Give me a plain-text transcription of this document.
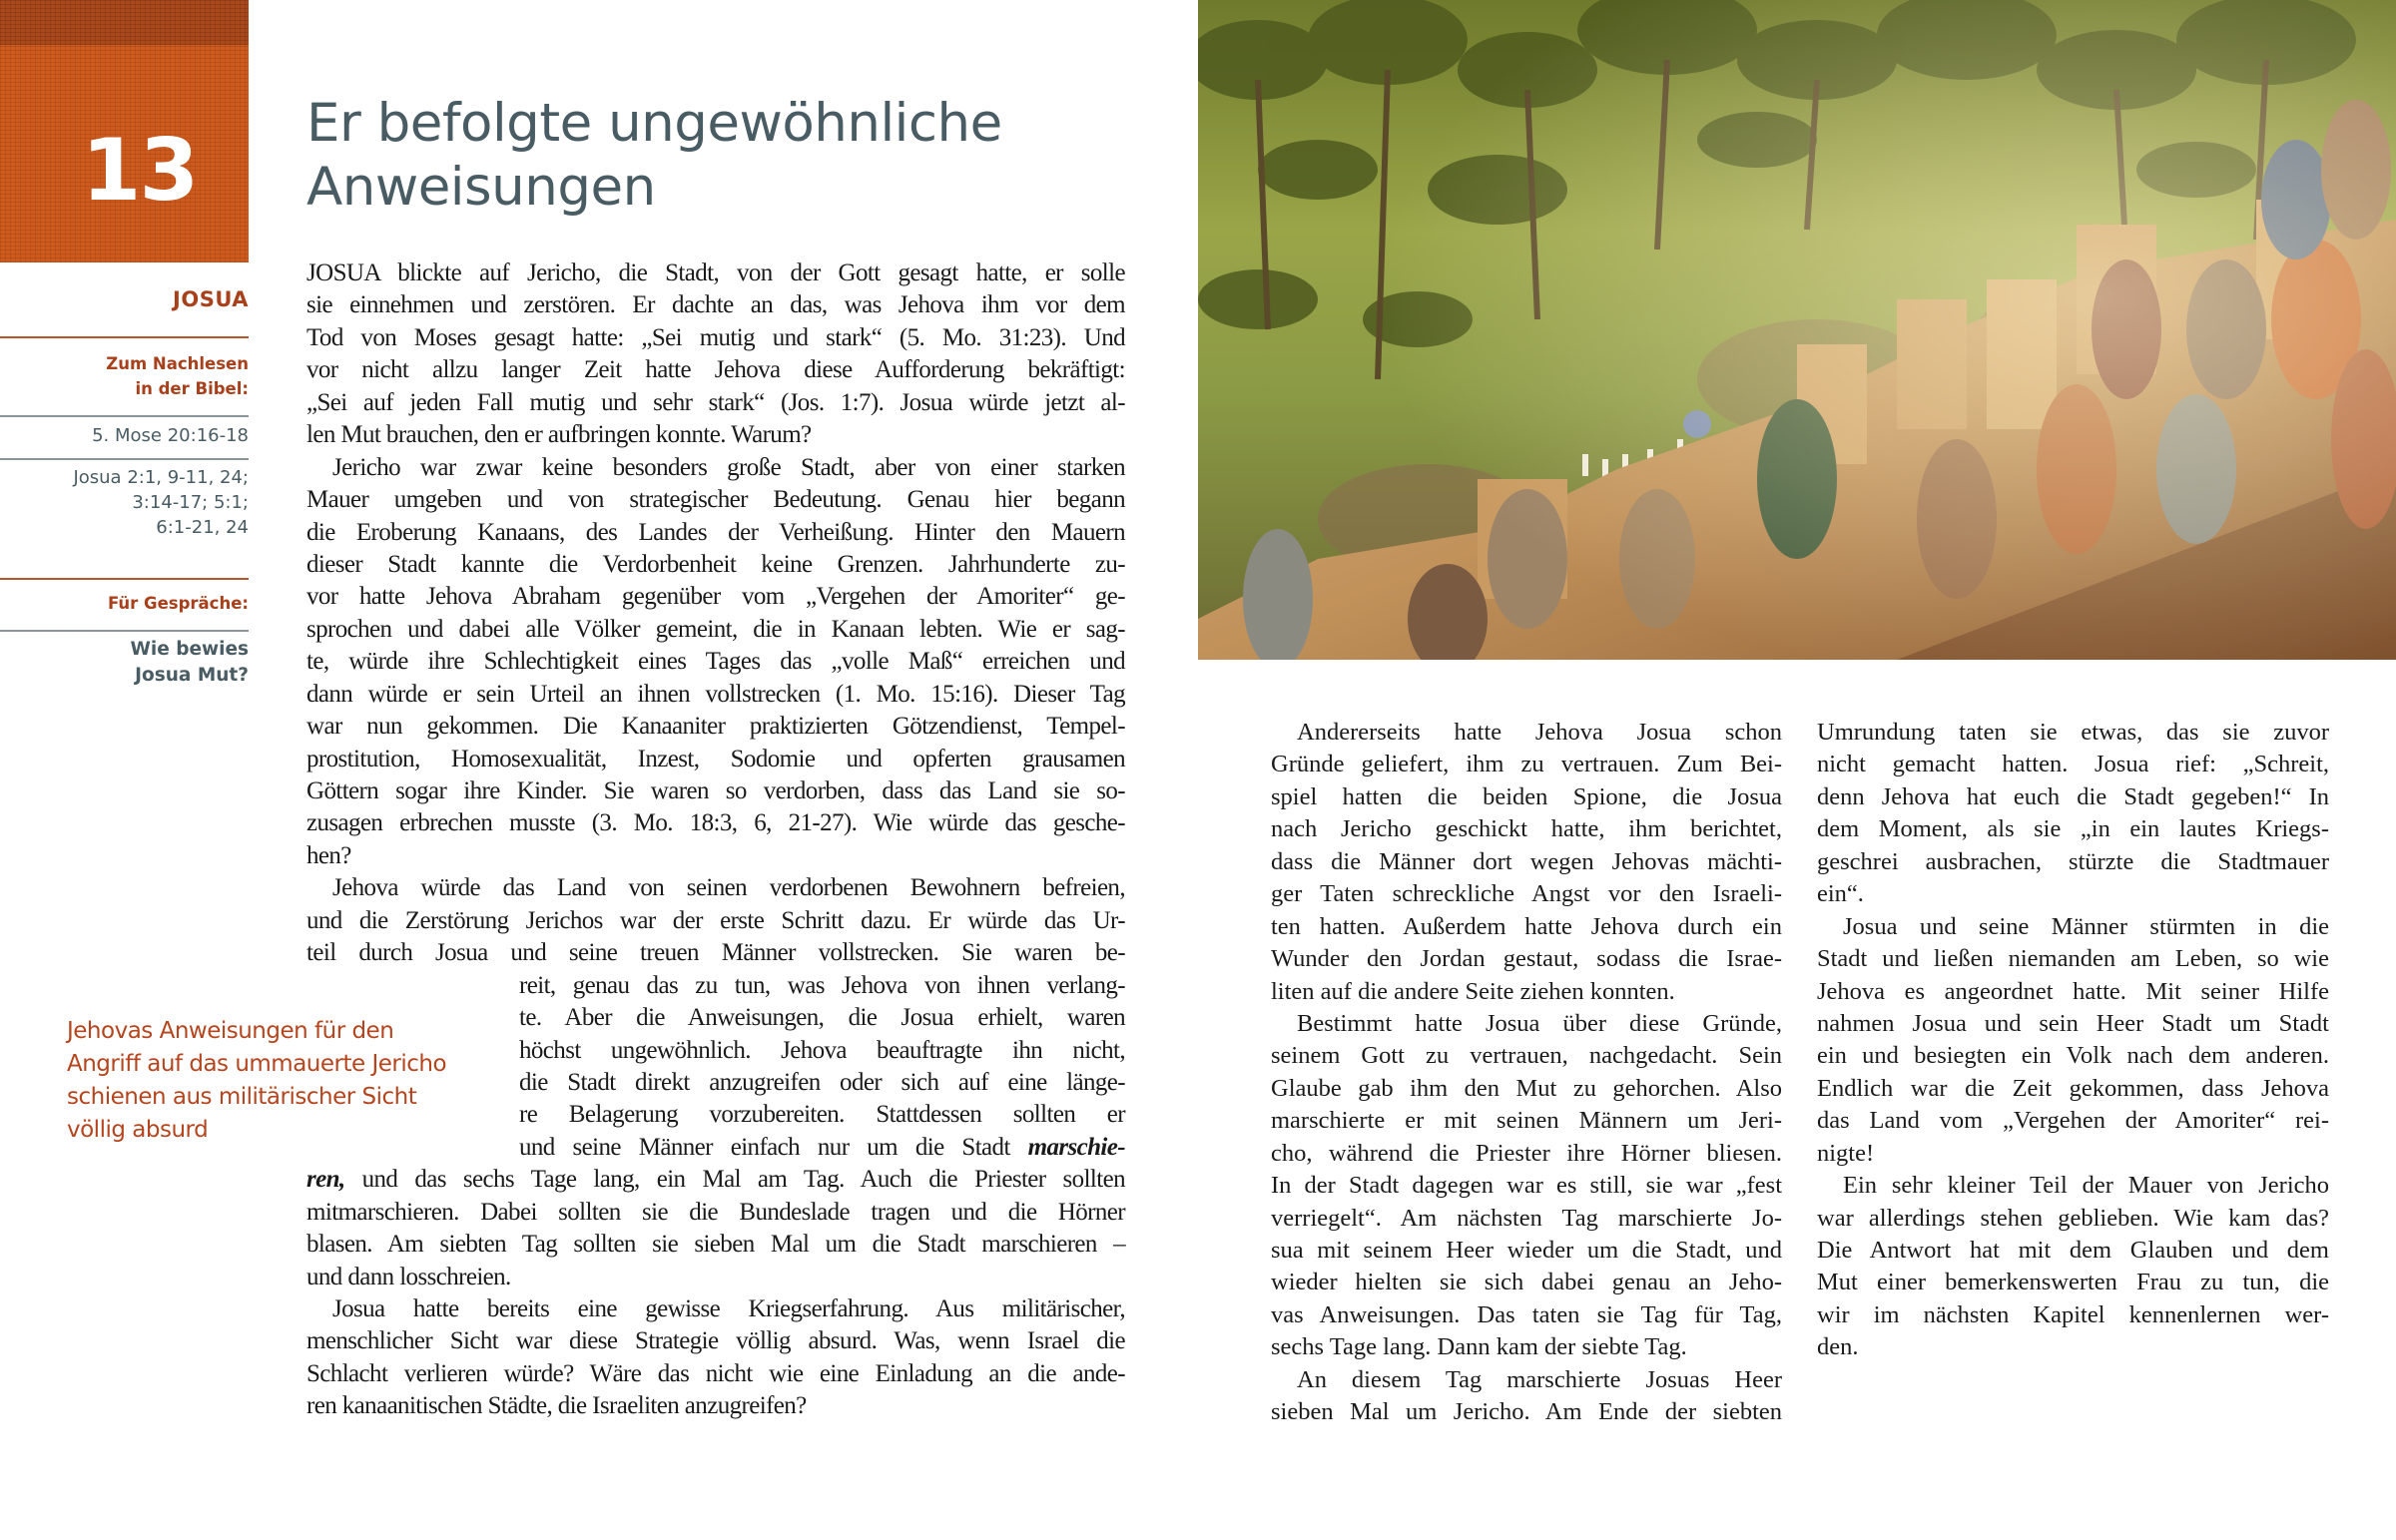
13
JOSUA
Zum Nachlesen
in der Bibel:
5. Mose 20:16-18
Josua 2:1, 9-11, 24;
3:14-17; 5:1;
6:1-21, 24
Für Gespräche:
Wie bewies
Josua Mut?
Er befolgte ungewöhnliche
Anweisungen
JOSUA blickte auf Jericho, die Stadt, von der Gott gesagt hatte, er solle
sie einnehmen und zerstören. Er dachte an das, was Jehova ihm vor dem
Tod von Moses gesagt hatte: „Sei mutig und stark“ (5. Mo. 31:23). Und
vor nicht allzu langer Zeit hatte Jehova diese Aufforderung bekräftigt:
„Sei auf jeden Fall mutig und sehr stark“ (Jos. 1:7). Josua würde jetzt al-
len Mut brauchen, den er aufbringen konnte. Warum?
Jericho war zwar keine besonders große Stadt, aber von einer starken
Mauer umgeben und von strategischer Bedeutung. Genau hier begann
die Eroberung Kanaans, des Landes der Verheißung. Hinter den Mauern
dieser Stadt kannte die Verdorbenheit keine Grenzen. Jahrhunderte zu-
vor hatte Jehova Abraham gegenüber vom „Vergehen der Amoriter“ ge-
sprochen und dabei alle Völker gemeint, die in Kanaan lebten. Wie er sag-
te, würde ihre Schlechtigkeit eines Tages das „volle Maß“ erreichen und
dann würde er sein Urteil an ihnen vollstrecken (1. Mo. 15:16). Dieser Tag
war nun gekommen. Die Kanaaniter praktizierten Götzendienst, Tempel-
prostitution, Homosexualität, Inzest, Sodomie und opferten grausamen
Göttern sogar ihre Kinder. Sie waren so verdorben, dass das Land sie so-
zusagen erbrechen musste (3. Mo. 18:3, 6, 21-27). Wie würde das gesche-
hen?
Jehova würde das Land von seinen verdorbenen Bewohnern befreien,
und die Zerstörung Jerichos war der erste Schritt dazu. Er würde das Ur-
teil durch Josua und seine treuen Männer vollstrecken. Sie waren be-
reit, genau das zu tun, was Jehova von ihnen verlang-
te. Aber die Anweisungen, die Josua erhielt, waren
höchst ungewöhnlich. Jehova beauftragte ihn nicht,
die Stadt direkt anzugreifen oder sich auf eine länge-
re Belagerung vorzubereiten. Stattdessen sollten er
und seine Männer einfach nur um die Stadt marschie-
ren, und das sechs Tage lang, ein Mal am Tag. Auch die Priester sollten
mitmarschieren. Dabei sollten sie die Bundeslade tragen und die Hörner
blasen. Am siebten Tag sollten sie sieben Mal um die Stadt marschieren –
und dann losschreien.
Josua hatte bereits eine gewisse Kriegserfahrung. Aus militärischer,
menschlicher Sicht war diese Strategie völlig absurd. Was, wenn Israel die
Schlacht verlieren würde? Wäre das nicht wie eine Einladung an die ande-
ren kanaanitischen Städte, die Israeliten anzugreifen?
Jehovas Anweisungen für den
Angriff auf das ummauerte Jericho
schienen aus militärischer Sicht
völlig absurd
Andererseits hatte Jehova Josua schon
Gründe geliefert, ihm zu vertrauen. Zum Bei-
spiel hatten die beiden Spione, die Josua
nach Jericho geschickt hatte, ihm berichtet,
dass die Männer dort wegen Jehovas mächti-
ger Taten schreckliche Angst vor den Israeli-
ten hatten. Außerdem hatte Jehova durch ein
Wunder den Jordan gestaut, sodass die Israe-
liten auf die andere Seite ziehen konnten.
Bestimmt hatte Josua über diese Gründe,
seinem Gott zu vertrauen, nachgedacht. Sein
Glaube gab ihm den Mut zu gehorchen. Also
marschierte er mit seinen Männern um Jeri-
cho, während die Priester ihre Hörner bliesen.
In der Stadt dagegen war es still, sie war „fest
verriegelt“. Am nächsten Tag marschierte Jo-
sua mit seinem Heer wieder um die Stadt, und
wieder hielten sie sich dabei genau an Jeho-
vas Anweisungen. Das taten sie Tag für Tag,
sechs Tage lang. Dann kam der siebte Tag.
An diesem Tag marschierte Josuas Heer
sieben Mal um Jericho. Am Ende der siebten
Umrundung taten sie etwas, das sie zuvor
nicht gemacht hatten. Josua rief: „Schreit,
denn Jehova hat euch die Stadt gegeben!“ In
dem Moment, als sie „in ein lautes Kriegs-
geschrei ausbrachen, stürzte die Stadtmauer
ein“.
Josua und seine Männer stürmten in die
Stadt und ließen niemanden am Leben, so wie
Jehova es angeordnet hatte. Mit seiner Hilfe
nahmen Josua und sein Heer Stadt um Stadt
ein und besiegten ein Volk nach dem anderen.
Endlich war die Zeit gekommen, dass Jehova
das Land vom „Vergehen der Amoriter“ rei-
nigte!
Ein sehr kleiner Teil der Mauer von Jericho
war allerdings stehen geblieben. Wie kam das?
Die Antwort hat mit dem Glauben und dem
Mut einer bemerkenswerten Frau zu tun, die
wir im nächsten Kapitel kennenlernen wer-
den.
